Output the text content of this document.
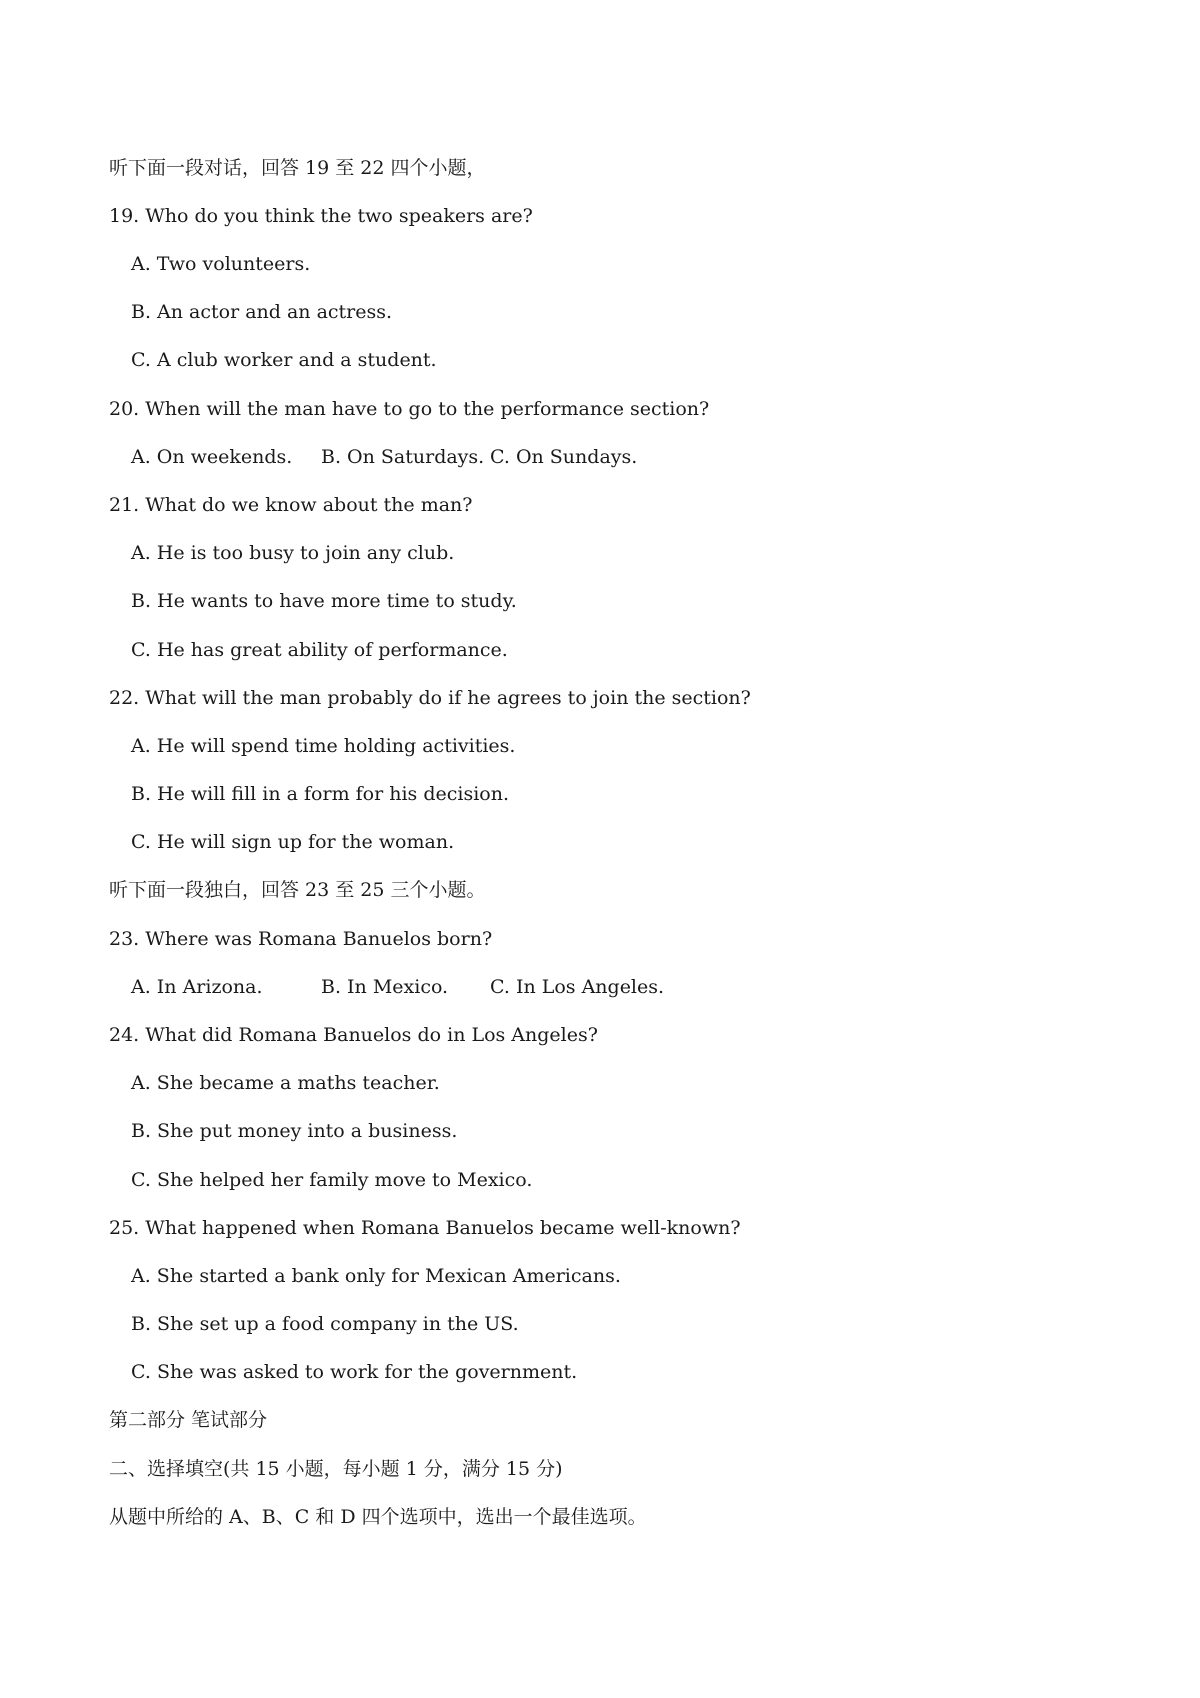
听下面一段对话，回答 19 至 22 四个小题，
19. Who do you think the two speakers are?
A. Two volunteers.
B. An actor and an actress.
C. A club worker and a student.
20. When will the man have to go to the performance section?
A. On weekends. B. On Saturdays. C. On Sundays.
21. What do we know about the man?
A. He is too busy to join any club.
B. He wants to have more time to study.
C. He has great ability of performance.
22. What will the man probably do if he agrees to join the section?
A. He will spend time holding activities.
B. He will fill in a form for his decision.
C. He will sign up for the woman.
听下面一段独白，回答 23 至 25 三个小题。
23. Where was Romana Banuelos born?
A. In Arizona.	B. In Mexico. C. In Los Angeles.
24. What did Romana Banuelos do in Los Angeles?
A. She became a maths teacher.
B. She put money into a business.
C. She helped her family move to Mexico.
25. What happened when Romana Banuelos became well-known?
A. She started a bank only for Mexican Americans.
B. She set up a food company in the US.
C. She was asked to work for the government.
第二部分 笔试部分
二、选择填空(共 15 小题，每小题 1 分，满分 15 分)
从题中所给的 A、B、C 和 D 四个选项中，选出一个最佳选项。
